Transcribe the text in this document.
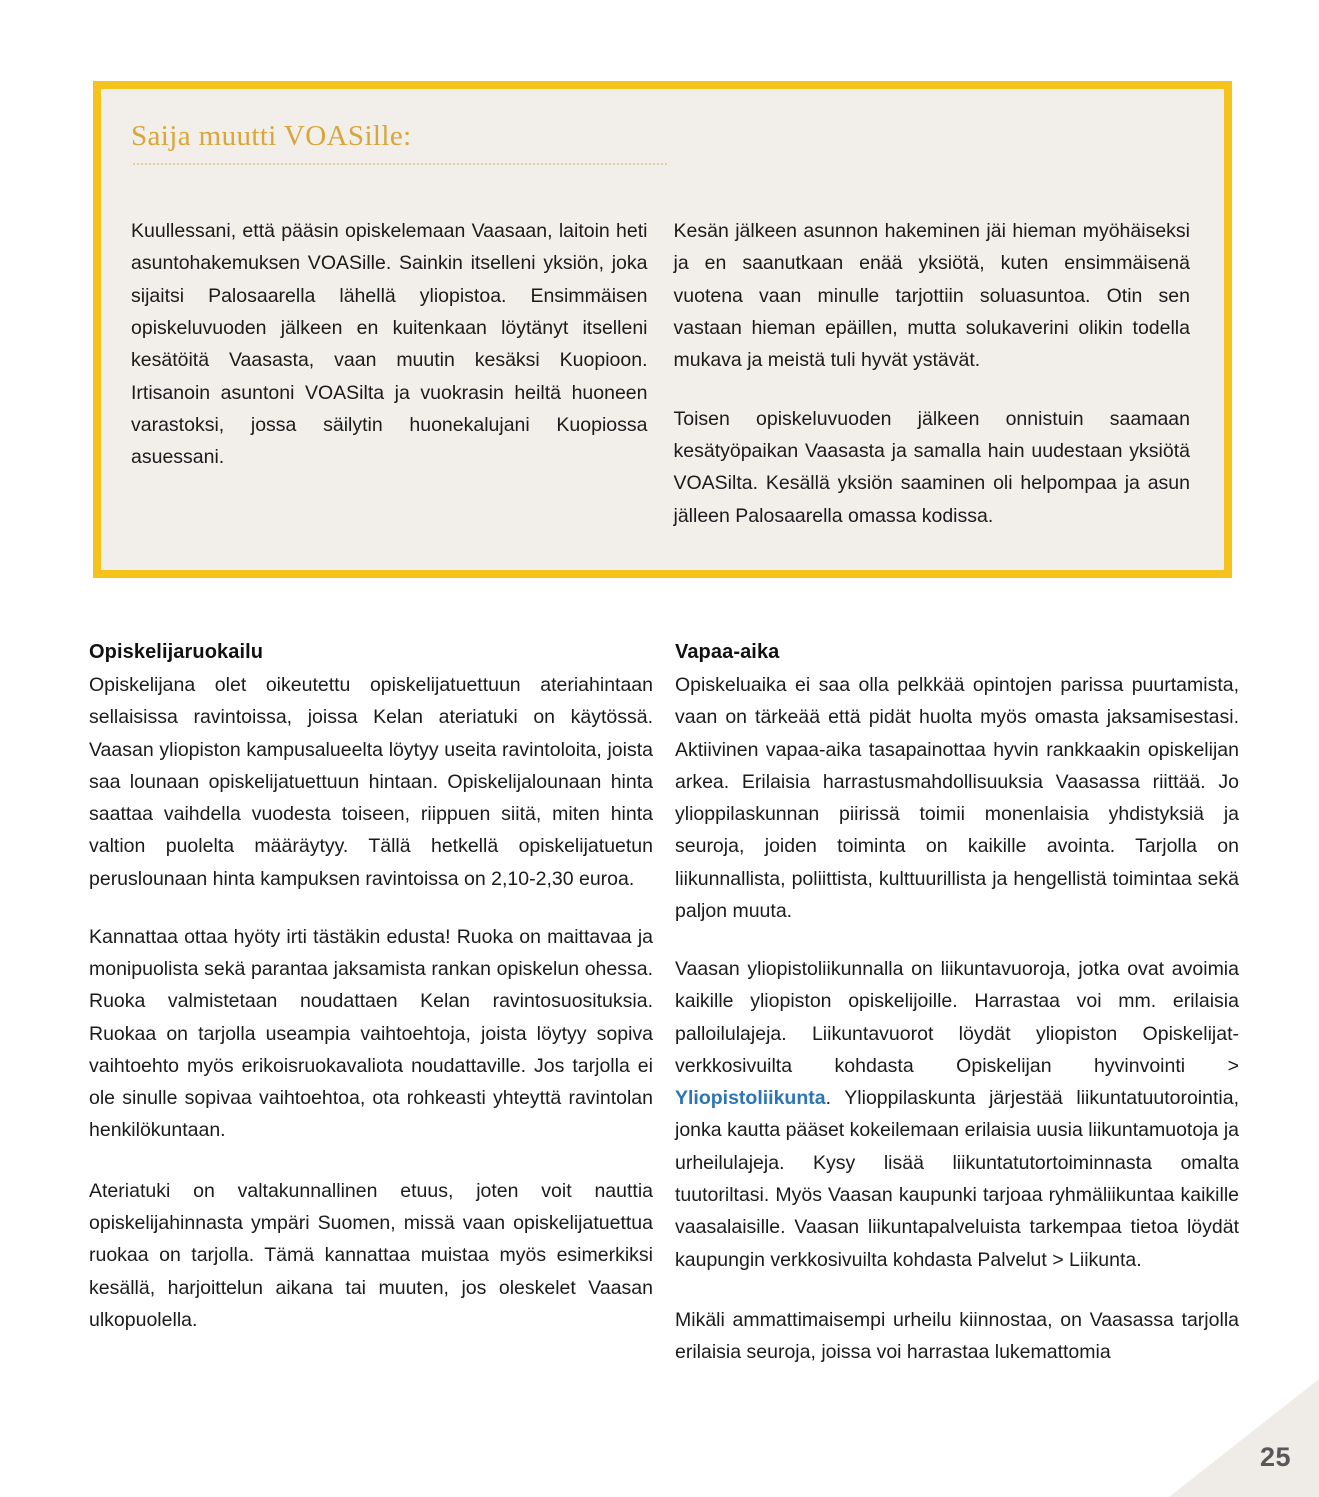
Saija muutti VOASille:

Kuullessani, että pääsin opiskelemaan Vaasaan, laitoin heti asuntohakemuksen VOASille. Sainkin itselleni yksiön, joka sijaitsi Palosaarella lähellä yliopistoa. Ensimmäisen opiskeluvuoden jälkeen en kuitenkaan löytänyt itselleni kesätöitä Vaasasta, vaan muutin kesäksi Kuopioon. Irtisanoin asuntoni VOASilta ja vuokrasin heiltä huoneen varastoksi, jossa säilytin huonekalujani Kuopiossa asuessani.

Kesän jälkeen asunnon hakeminen jäi hieman myöhäiseksi ja en saanutkaan enää yksiötä, kuten ensimmäisenä vuotena vaan minulle tarjottiin soluasuntoa. Otin sen vastaan hieman epäillen, mutta solukaverini olikin todella mukava ja meistä tuli hyvät ystävät.

Toisen opiskeluvuoden jälkeen onnistuin saamaan kesätyöpaikan Vaasasta ja samalla hain uudestaan yksiötä VOASilta. Kesällä yksiön saaminen oli helpompaa ja asun jälleen Palosaarella omassa kodissa.

Opiskelijaruokailu

Opiskelijana olet oikeutettu opiskelijatuettuun ateriahintaan sellaisissa ravintoissa, joissa Kelan ateriatuki on käytössä. Vaasan yliopiston kampusalueelta löytyy useita ravintoloita, joista saa lounaan opiskelijatuettuun hintaan. Opiskelijalounaan hinta saattaa vaihdella vuodesta toiseen, riippuen siitä, miten hinta valtion puolelta määräytyy. Tällä hetkellä opiskelijatuetun peruslounaan hinta kampuksen ravintoissa on 2,10-2,30 euroa.

Kannattaa ottaa hyöty irti tästäkin edusta! Ruoka on maittavaa ja monipuolista sekä parantaa jaksamista rankan opiskelun ohessa. Ruoka valmistetaan noudattaen Kelan ravintosuosituksia. Ruokaa on tarjolla useampia vaihtoehtoja, joista löytyy sopiva vaihtoehto myös erikoisruokavaliota noudattaville. Jos tarjolla ei ole sinulle sopivaa vaihtoehtoa, ota rohkeasti yhteyttä ravintolan henkilökuntaan.

Ateriatuki on valtakunnallinen etuus, joten voit nauttia opiskelijahinnasta ympäri Suomen, missä vaan opiskelijatuettua ruokaa on tarjolla. Tämä kannattaa muistaa myös esimerkiksi kesällä, harjoittelun aikana tai muuten, jos oleskelet Vaasan ulkopuolella.

Vapaa-aika

Opiskeluaika ei saa olla pelkkää opintojen parissa puurtamista, vaan on tärkeää että pidät huolta myös omasta jaksamisestasi. Aktiivinen vapaa-aika tasapainottaa hyvin rankkaakin opiskelijan arkea. Erilaisia harrastusmahdollisuuksia Vaasassa riittää. Jo ylioppilaskunnan piirissä toimii monenlaisia yhdistyksiä ja seuroja, joiden toiminta on kaikille avointa. Tarjolla on liikunnallista, poliittista, kulttuurillista ja hengellistä toimintaa sekä paljon muuta.

Vaasan yliopistoliikunnalla on liikuntavuoroja, jotka ovat avoimia kaikille yliopiston opiskelijoille. Harrastaa voi mm. erilaisia palloilulajeja. Liikuntavuorot löydät yliopiston Opiskelijat-verkkosivuilta kohdasta Opiskelijan hyvinvointi > Yliopistoliikunta. Ylioppilaskunta järjestää liikuntatuutorointia, jonka kautta pääset kokeilemaan erilaisia uusia liikuntamuotoja ja urheilulajeja. Kysy lisää liikuntatutortoiminnasta omalta tuutoriltasi. Myös Vaasan kaupunki tarjoaa ryhmäliikuntaa kaikille vaasalaisille. Vaasan liikuntapalveluista tarkempaa tietoa löydät kaupungin verkkosivuilta kohdasta Palvelut > Liikunta.

Mikäli ammattimaisempi urheilu kiinnostaa, on Vaasassa tarjolla erilaisia seuroja, joissa voi harrastaa lukemattomia

25
